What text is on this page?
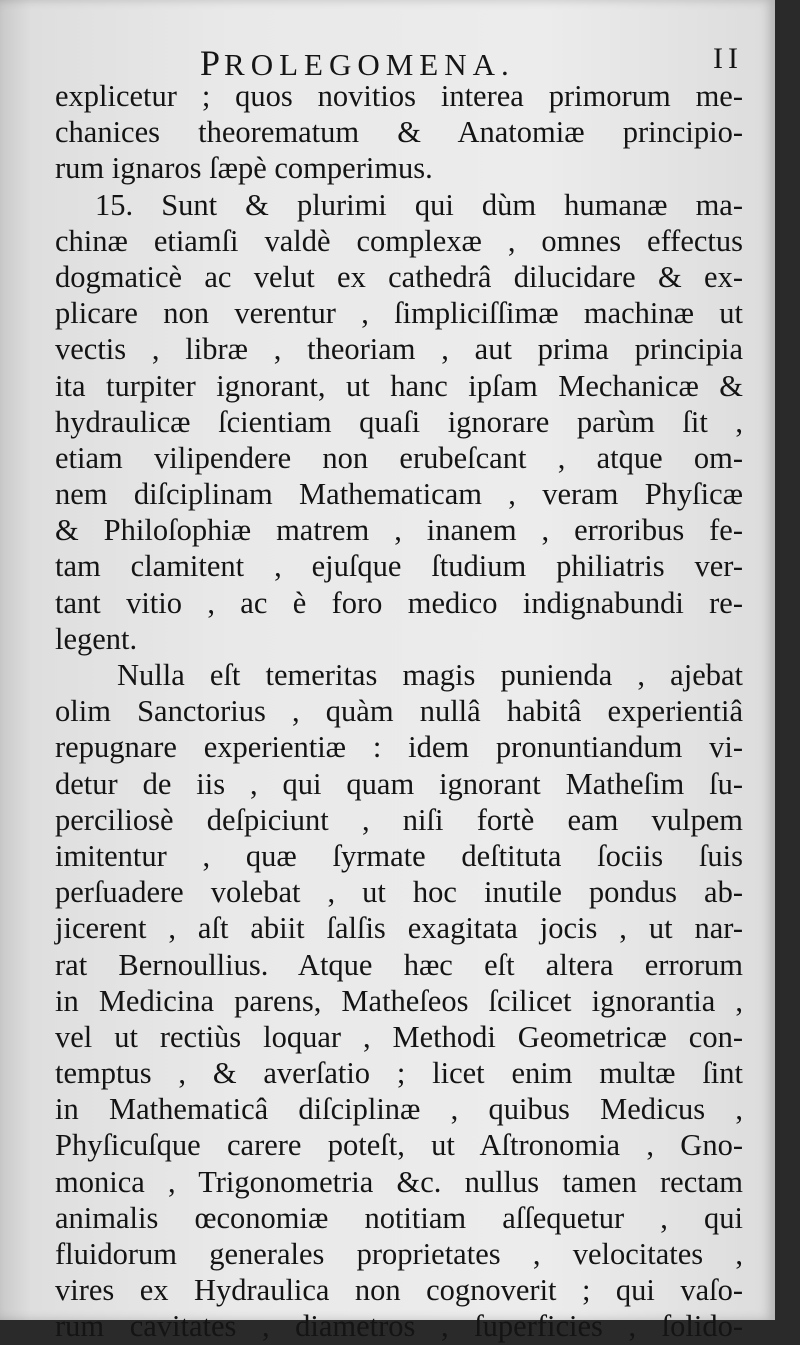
PROLEGOMENA.	II
explicetur ; quos novitios interea primorum me-
chanices theorematum & Anatomiæ principio-
rum ignaros ſæpè comperimus.
15. Sunt & plurimi qui dùm humanæ ma-
chinæ etiamſi valdè complexæ , omnes effectus
dogmaticè ac velut ex cathedrâ dilucidare & ex-
plicare non verentur , ſimpliciſſimæ machinæ ut
vectis , libræ , theoriam , aut prima principia
ita turpiter ignorant, ut hanc ipſam Mechanicæ &
hydraulicæ ſcientiam quaſi ignorare parùm ſit ,
etiam vilipendere non erubeſcant , atque om-
nem diſciplinam Mathematicam , veram Phyſicæ
& Philoſophiæ matrem , inanem , erroribus fe-
tam clamitent , ejuſque ſtudium philiatris ver-
tant vitio , ac è foro medico indignabundi re-
legent.
Nulla eſt temeritas magis punienda , ajebat
olim Sanctorius , quàm nullâ habitâ experientiâ
repugnare experientiæ : idem pronuntiandum vi-
detur de iis , qui quam ignorant Matheſim ſu-
perciliosè deſpiciunt , niſi fortè eam vulpem
imitentur , quæ ſyrmate deſtituta ſociis ſuis
perſuadere volebat , ut hoc inutile pondus ab-
jicerent , aſt abiit ſalſis exagitata jocis , ut nar-
rat Bernoullius. Atque hæc eſt altera errorum
in Medicina parens, Matheſeos ſcilicet ignorantia ,
vel ut rectiùs loquar , Methodi Geometricæ con-
temptus , & averſatio ; licet enim multæ ſint
in Mathematicâ diſciplinæ , quibus Medicus ,
Phyſicuſque carere poteſt, ut Aſtronomia , Gno-
monica , Trigonometria &c. nullus tamen rectam
animalis œconomiæ notitiam aſſequetur , qui
fluidorum generales proprietates , velocitates ,
vires ex Hydraulica non cognoverit ; qui vaſo-
rum cavitates , diametros , ſuperficies , ſolido-
